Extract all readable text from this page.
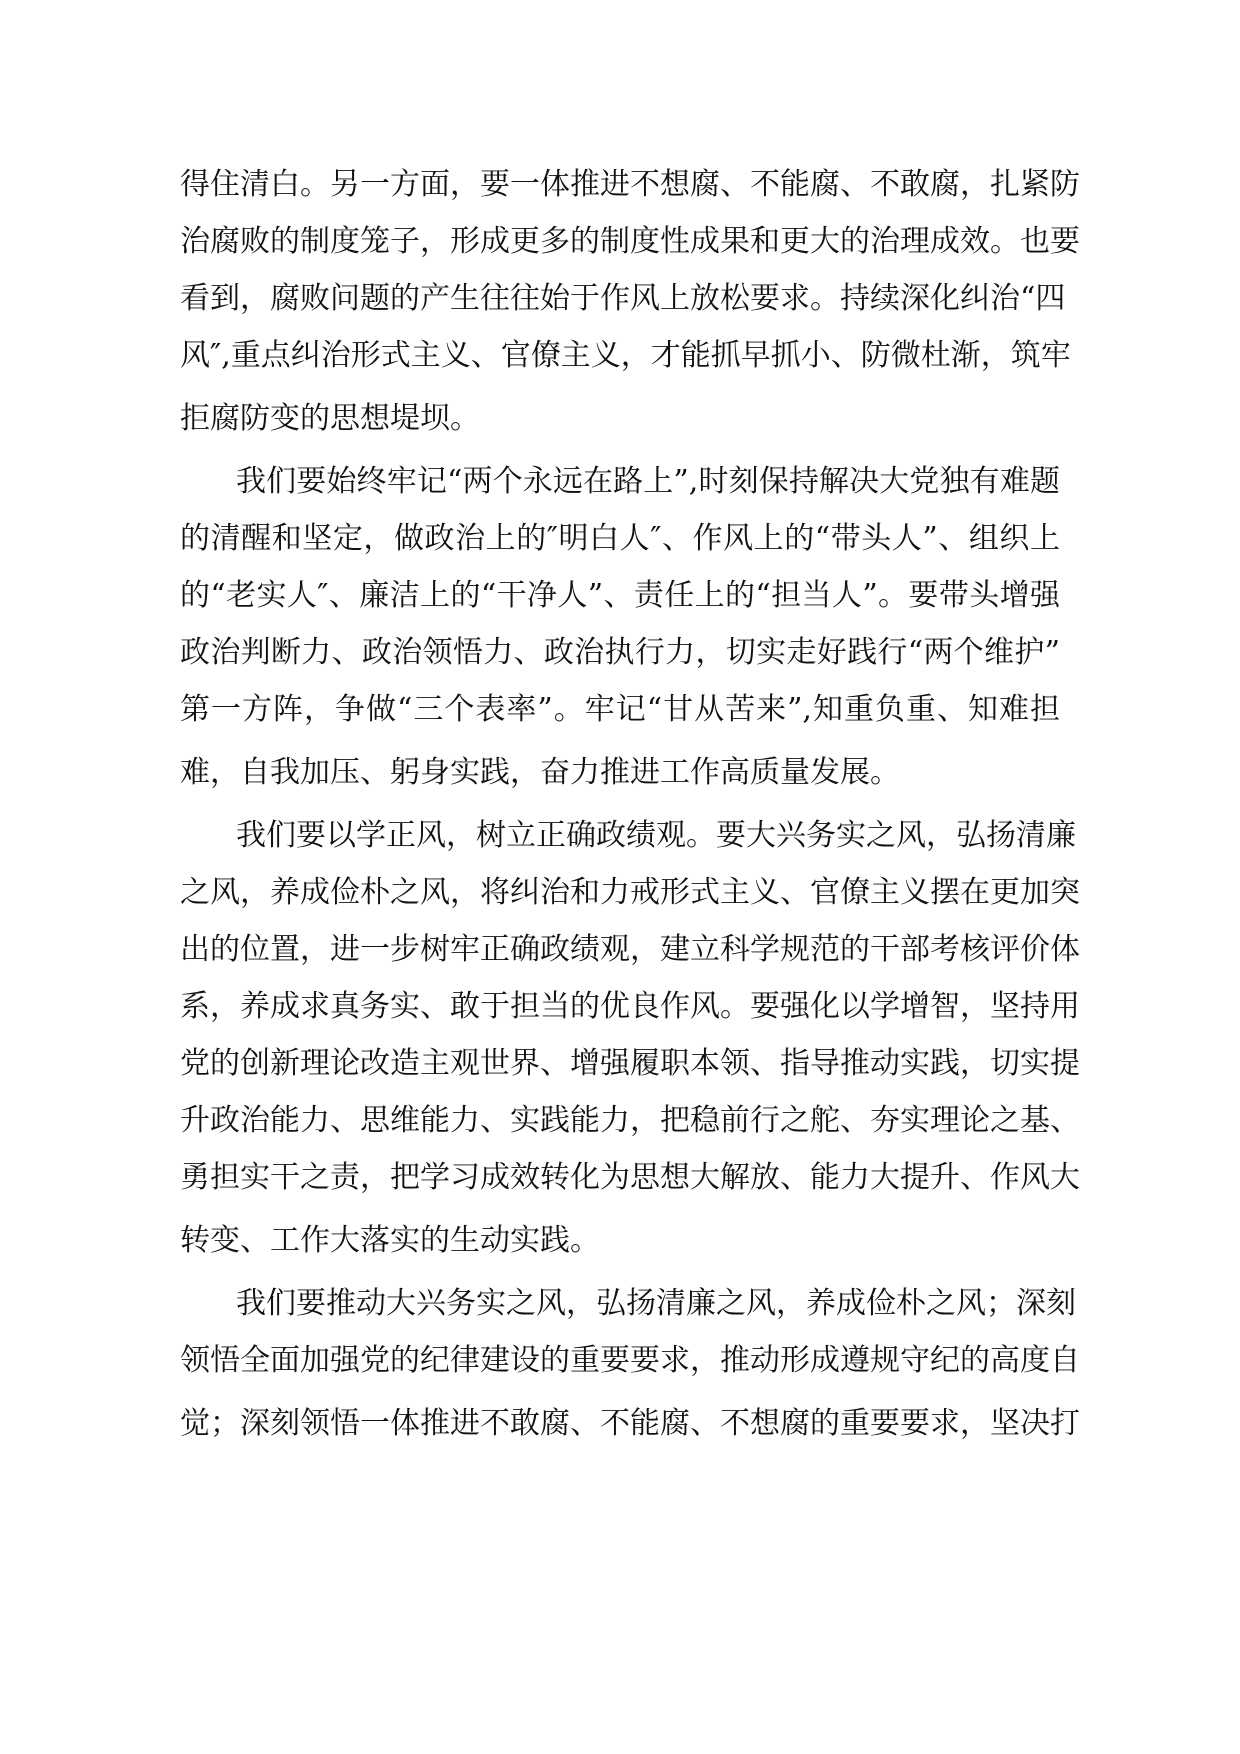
得住清白。另一方面，要一体推进不想腐、不能腐、不敢腐，扎紧防
治腐败的制度笼子，形成更多的制度性成果和更大的治理成效。也要
看到，腐败问题的产生往往始于作风上放松要求。持续深化纠治“四
风″,重点纠治形式主义、官僚主义，才能抓早抓小、防微杜渐，筑牢
拒腐防变的思想堤坝。
我们要始终牢记“两个永远在路上”,时刻保持解决大党独有难题
的清醒和坚定，做政治上的″明白人″、作风上的“带头人”、组织上
的“老实人″、廉洁上的“干净人”、责任上的“担当人”。要带头增强
政治判断力、政治领悟力、政治执行力，切实走好践行“两个维护”
第一方阵，争做“三个表率”。牢记“甘从苦来”,知重负重、知难担
难，自我加压、躬身实践，奋力推进工作高质量发展。
我们要以学正风，树立正确政绩观。要大兴务实之风，弘扬清廉
之风，养成俭朴之风，将纠治和力戒形式主义、官僚主义摆在更加突
出的位置，进一步树牢正确政绩观，建立科学规范的干部考核评价体
系，养成求真务实、敢于担当的优良作风。要强化以学增智，坚持用
党的创新理论改造主观世界、增强履职本领、指导推动实践，切实提
升政治能力、思维能力、实践能力，把稳前行之舵、夯实理论之基、
勇担实干之责，把学习成效转化为思想大解放、能力大提升、作风大
转变、工作大落实的生动实践。
我们要推动大兴务实之风，弘扬清廉之风，养成俭朴之风；深刻
领悟全面加强党的纪律建设的重要要求，推动形成遵规守纪的高度自
觉；深刻领悟一体推进不敢腐、不能腐、不想腐的重要要求，坚决打
